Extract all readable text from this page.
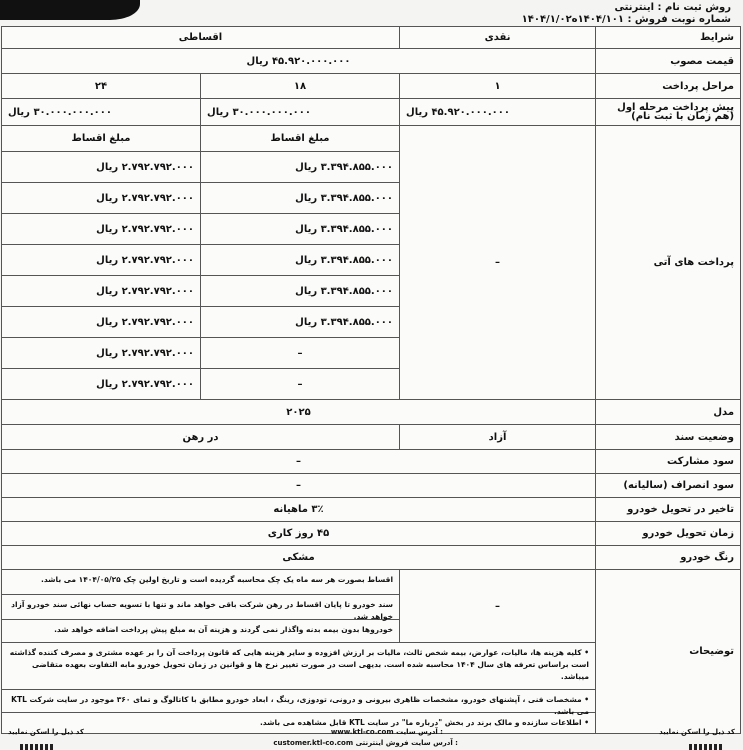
روش ثبت نام : اینترنتی
شماره نوبت فروش : ۱۴۰۴/۱۰۱ه۱۴۰۴/۱/۰۲
شرایط	نقدی	اقساطی	
قیمت مصوب	۴۵.۹۲۰.۰۰۰.۰۰۰ ریال		
مراحل پرداخت	۱	۱۸	۲۴
پیش پرداخت مرحله اول
(هم زمان با ثبت نام)	۴۵.۹۲۰.۰۰۰.۰۰۰ ریال	۳۰.۰۰۰.۰۰۰.۰۰۰ ریال	۳۰.۰۰۰.۰۰۰.۰۰۰ ریال
پرداخت های آتی	–	مبلغ اقساط	مبلغ اقساط
		۳.۳۹۴.۸۵۵.۰۰۰ ریال	۲.۷۹۲.۷۹۲.۰۰۰ ریال
		۳.۳۹۴.۸۵۵.۰۰۰ ریال	۲.۷۹۲.۷۹۲.۰۰۰ ریال
		۳.۳۹۴.۸۵۵.۰۰۰ ریال	۲.۷۹۲.۷۹۲.۰۰۰ ریال
		۳.۳۹۴.۸۵۵.۰۰۰ ریال	۲.۷۹۲.۷۹۲.۰۰۰ ریال
		۳.۳۹۴.۸۵۵.۰۰۰ ریال	۲.۷۹۲.۷۹۲.۰۰۰ ریال
		۳.۳۹۴.۸۵۵.۰۰۰ ریال	۲.۷۹۲.۷۹۲.۰۰۰ ریال
		–	۲.۷۹۲.۷۹۲.۰۰۰ ریال
		–	۲.۷۹۲.۷۹۲.۰۰۰ ریال
مدل	۲۰۲۵		
وضعیت سند	آزاد	در رهن	
سود مشارکت	–		
سود انصراف (سالیانه)	–		
تاخیر در تحویل خودرو	۳٪ ماهیانه		
زمان تحویل خودرو	۴۵ روز کاری		
رنگ خودرو	مشکی		
توضیحات	–	اقساط بصورت هر سه ماه یک چک محاسبه گردیده است و تاریخ اولین چک ۱۴۰۴/۰۵/۲۵ می باشد.
سند خودرو تا پایان اقساط در رهن شرکت باقی خواهد ماند و تنها با تسویه حساب نهائی سند خودرو آزاد خواهد شد.
خودروها بدون بیمه بدنه واگذار نمی گردند و هزینه آن به مبلغ پیش پرداخت اضافه خواهد شد.	

	• کلیه هزینه ها، مالیات، عوارض، بیمه شخص ثالث، مالیات بر ارزش افزوده و سایر هزینه هایی که قانون پرداخت آن را بر عهده مشتری و مصرف کننده گذاشته است براساس تعرفه های سال ۱۴۰۴ محاسبه شده است. بدیهی است در صورت تغییر نرخ ها و قوانین در زمان تحویل خودرو مابه التفاوت بعهده متقاضی میباشد.
• مشخصات فنی ، آپشنهای خودرو، مشخصات ظاهری بیرونی و درونی، تودوزی، رینگ ، ابعاد خودرو مطابق با کاتالوگ و تمای ۳۶۰ موجود در سایت شرکت KTL می باشد.
• اطلاعات سازنده و مالک برند در بخش "درباره ما" در سایت KTL قابل مشاهده می باشد.		
کد ذیل را اسکن نمایید
www.ktl-co.com آدرس سایت :
customer.ktl-co.com آدرس سایت فروش اینترنتی :
کد ذیل را اسکن نمایید
